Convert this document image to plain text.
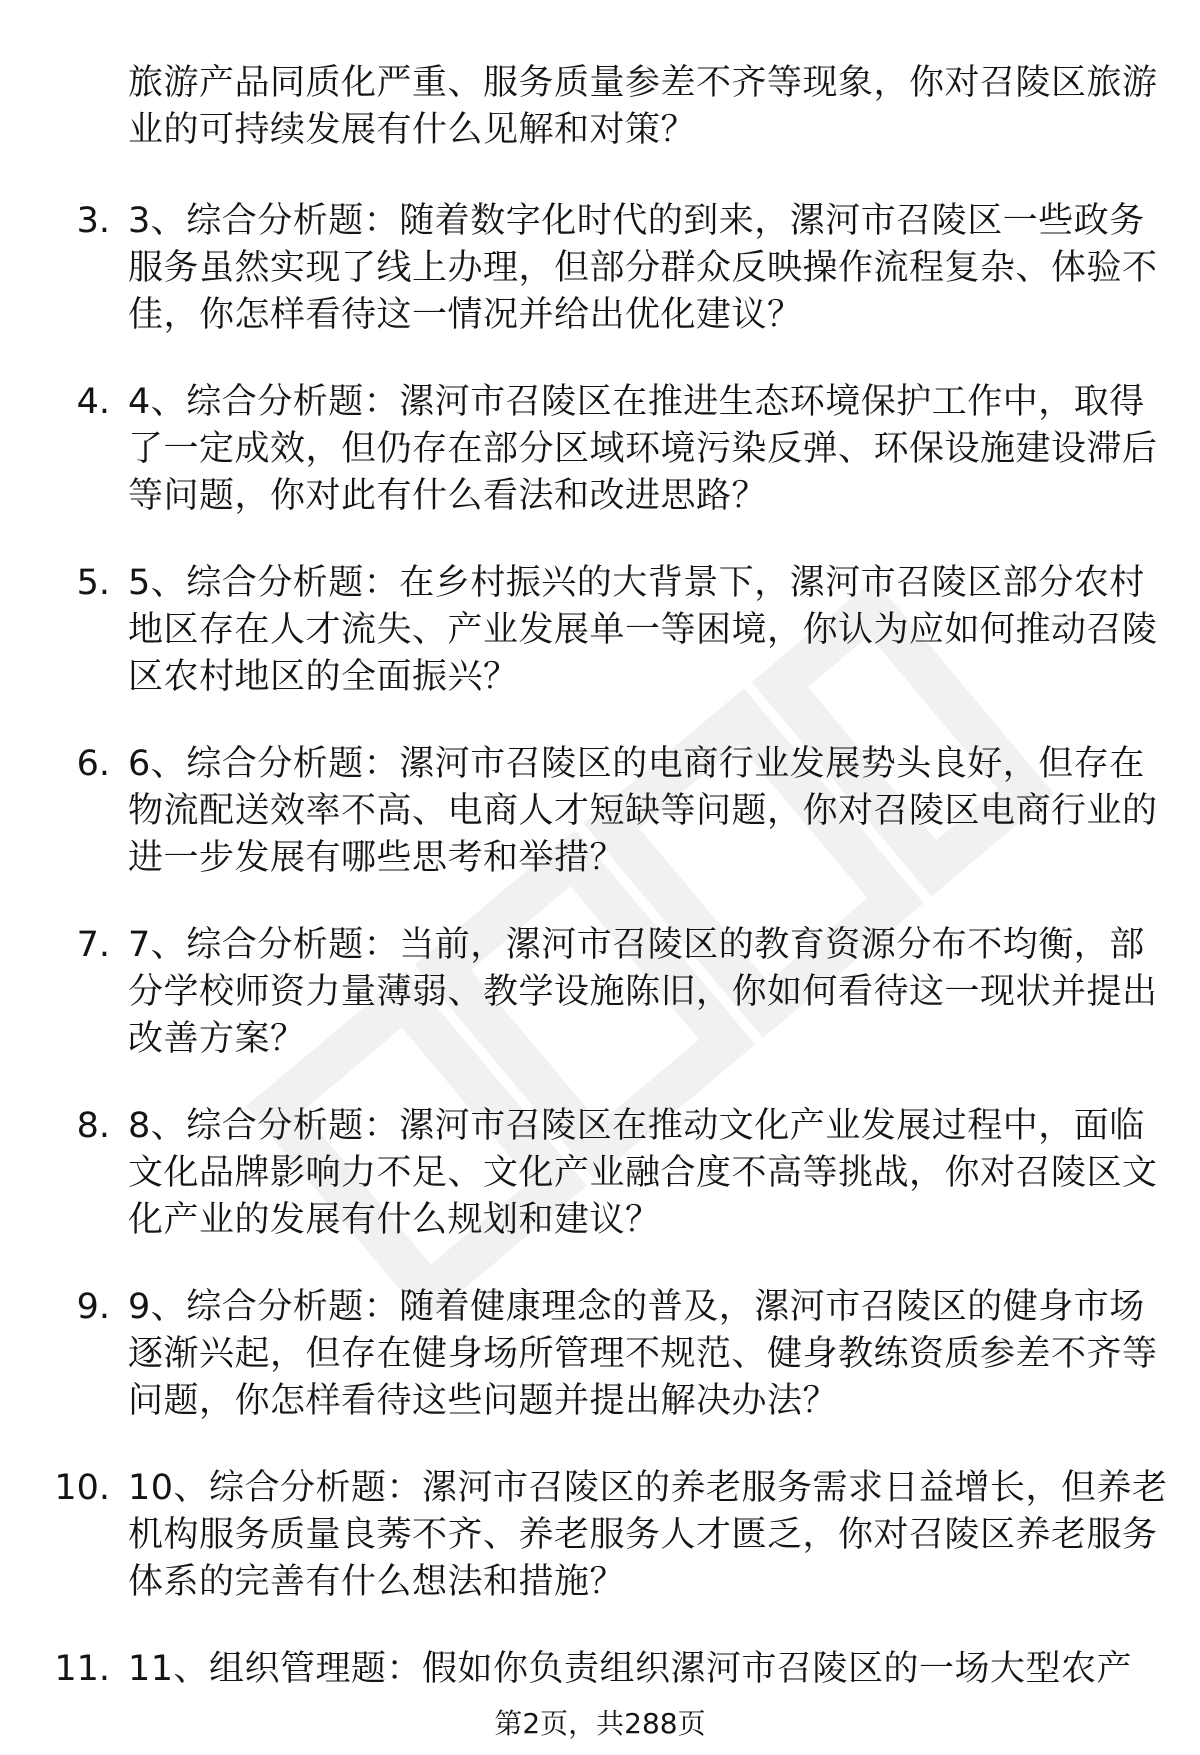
旅游产品同质化严重、服务质量参差不齐等现象，你对召陵区旅游业的可持续发展有什么见解和对策？
3. 3、综合分析题：随着数字化时代的到来，漯河市召陵区一些政务服务虽然实现了线上办理，但部分群众反映操作流程复杂、体验不佳，你怎样看待这一情况并给出优化建议？
4. 4、综合分析题：漯河市召陵区在推进生态环境保护工作中，取得了一定成效，但仍存在部分区域环境污染反弹、环保设施建设滞后等问题，你对此有什么看法和改进思路？
5. 5、综合分析题：在乡村振兴的大背景下，漯河市召陵区部分农村地区存在人才流失、产业发展单一等困境，你认为应如何推动召陵区农村地区的全面振兴？
6. 6、综合分析题：漯河市召陵区的电商行业发展势头良好，但存在物流配送效率不高、电商人才短缺等问题，你对召陵区电商行业的进一步发展有哪些思考和举措？
7. 7、综合分析题：当前，漯河市召陵区的教育资源分布不均衡，部分学校师资力量薄弱、教学设施陈旧，你如何看待这一现状并提出改善方案？
8. 8、综合分析题：漯河市召陵区在推动文化产业发展过程中，面临文化品牌影响力不足、文化产业融合度不高等挑战，你对召陵区文化产业的发展有什么规划和建议？
9. 9、综合分析题：随着健康理念的普及，漯河市召陵区的健身市场逐渐兴起，但存在健身场所管理不规范、健身教练资质参差不齐等问题，你怎样看待这些问题并提出解决办法？
10. 10、综合分析题：漯河市召陵区的养老服务需求日益增长，但养老机构服务质量良莠不齐、养老服务人才匮乏，你对召陵区养老服务体系的完善有什么想法和措施？
11. 11、组织管理题：假如你负责组织漯河市召陵区的一场大型农产
第2页，共288页
